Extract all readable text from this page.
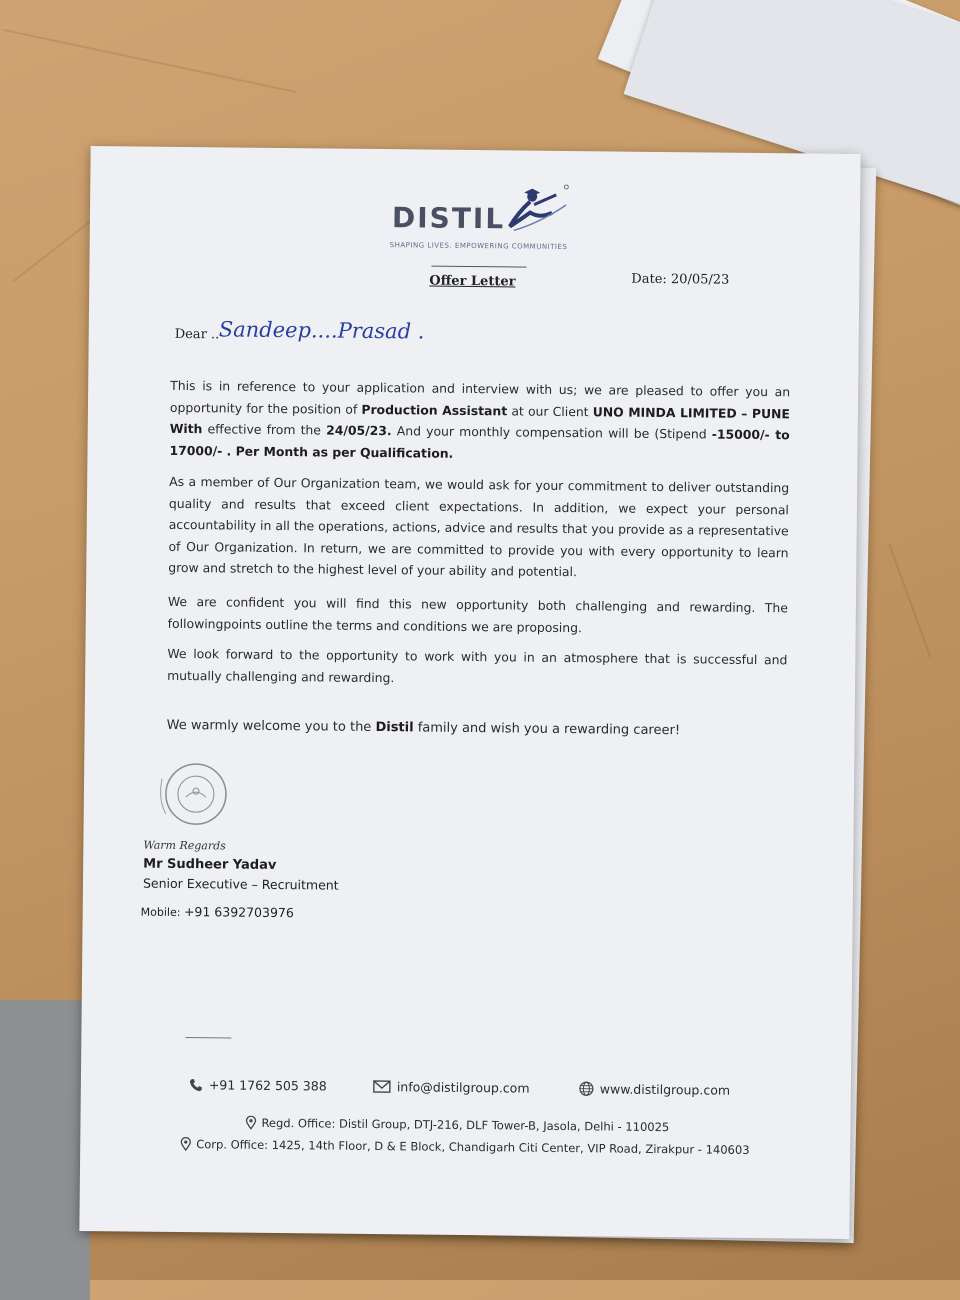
DISTIL
SHAPING LIVES. EMPOWERING COMMUNITIES
Offer Letter	Date: 20/05/23
Dear .. Sandeep....Prasad .
This is in reference to your application and interview with us; we are pleased to offer you an opportunity for the position of Production Assistant at our Client UNO MINDA LIMITED – PUNE With effective from the 24/05/23. And your monthly compensation will be (Stipend -15000/- to 17000/- . Per Month as per Qualification.
As a member of Our Organization team, we would ask for your commitment to deliver outstanding quality and results that exceed client expectations. In addition, we expect your personal accountability in all the operations, actions, advice and results that you provide as a representative of Our Organization. In return, we are committed to provide you with every opportunity to learn grow and stretch to the highest level of your ability and potential.
We are confident you will find this new opportunity both challenging and rewarding. The followingpoints outline the terms and conditions we are proposing.
We look forward to the opportunity to work with you in an atmosphere that is successful and mutually challenging and rewarding.
We warmly welcome you to the Distil family and wish you a rewarding career!
Warm Regards
Mr Sudheer Yadav
Senior Executive – Recruitment
Mobile: +91 6392703976
+91 1762 505 388	info@distilgroup.com	www.distilgroup.com
Regd. Office: Distil Group, DTJ-216, DLF Tower-B, Jasola, Delhi - 110025
Corp. Office: 1425, 14th Floor, D & E Block, Chandigarh Citi Center, VIP Road, Zirakpur - 140603
